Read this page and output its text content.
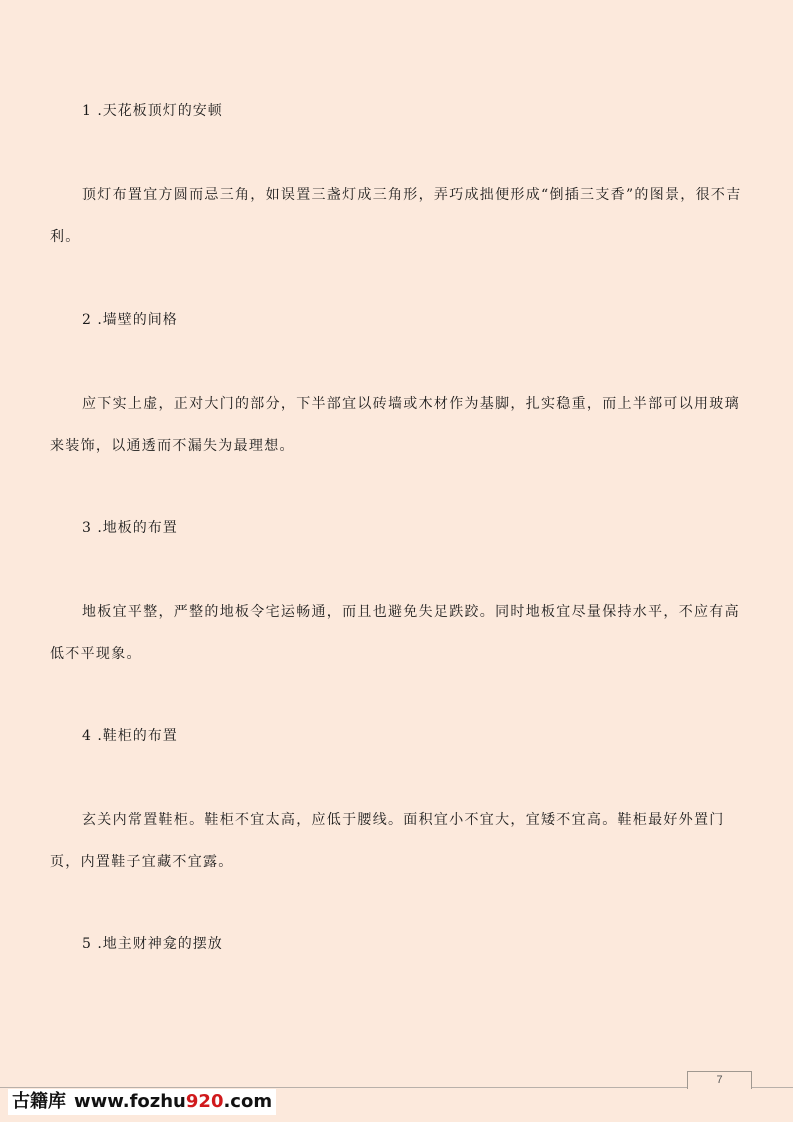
1 .天花板顶灯的安顿
顶灯布置宜方圆而忌三角，如误置三盏灯成三角形，弄巧成拙便形成“倒插三支香”的图景，很不吉利。
2 .墙壁的间格
应下实上虚，正对大门的部分，下半部宜以砖墙或木材作为基脚，扎实稳重，而上半部可以用玻璃来装饰，以通透而不漏失为最理想。
3 .地板的布置
地板宜平整，严整的地板令宅运畅通，而且也避免失足跌跤。同时地板宜尽量保持水平，不应有高低不平现象。
4 .鞋柜的布置
玄关内常置鞋柜。鞋柜不宜太高，应低于腰线。面积宜小不宜大，宜矮不宜高。鞋柜最好外置门页，内置鞋子宜藏不宜露。
5 .地主财神龛的摆放
7
古籍库 www.fozhu920.com
